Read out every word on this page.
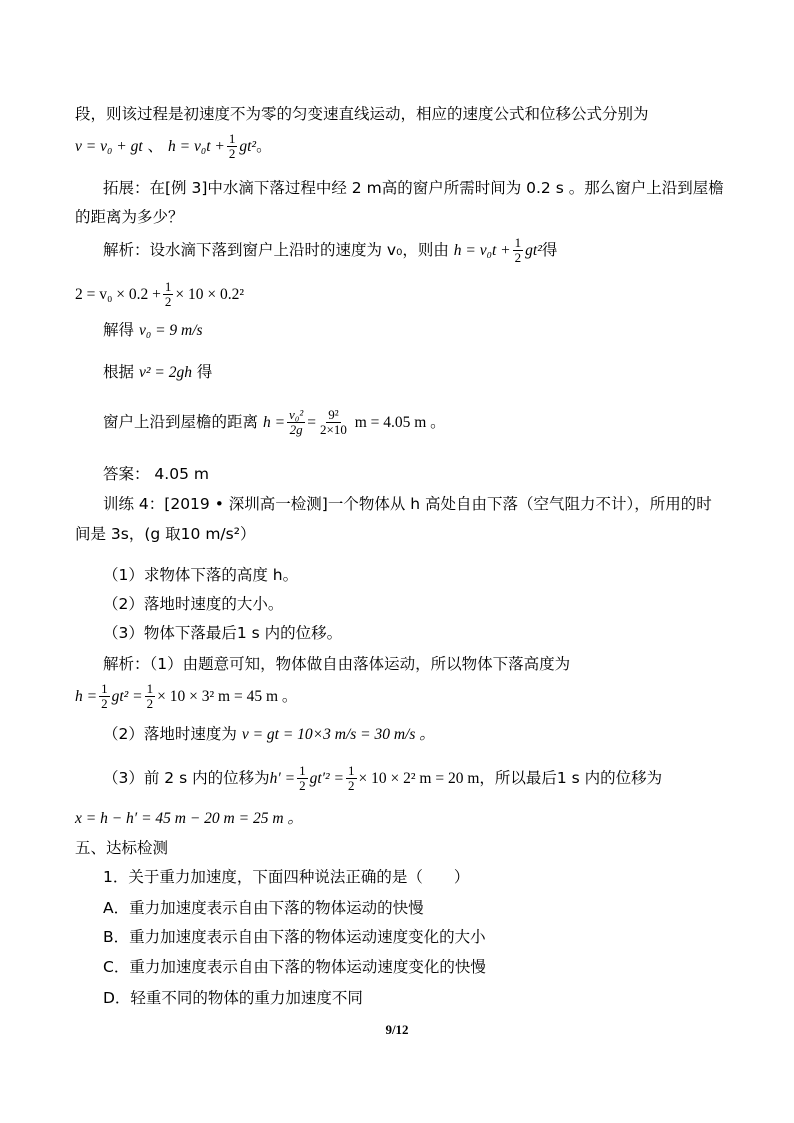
段，则该过程是初速度不为零的匀变速直线运动，相应的速度公式和位移公式分别为
v = v₀ + gt 、 $h = v_0t + \frac{1}{2} gt^2$。
拓展：在[例 3]中水滴下落过程中经 2 m高的窗户所需时间为 0.2 s 。那么窗户上沿到屋檐
的距离为多少？
解析：设水滴下落到窗户上沿时的速度为 v₀，则由 $h = v_0t + \frac{1}{2} gt^2$得
$2 = v_0 \times 0.2 + \frac{1}{2} \times 10 \times 0.2^2$
解得 v₀ = 9 m/s
根据 v² = 2gh 得
窗户上沿到屋檐的距离 $h = \frac{\text{v₀²}}{2g} = \frac{\text{9²}}{2\times 10}$ m = 4.05 m 。
答案： 4.05 m
训练 4：[2019 • 深圳高一检测]一个物体从 h 高处自由下落（空气阻力不计），所用的时
间是 3s，(g 取10 m/s²）
（1）求物体下落的高度 h。
（2）落地时速度的大小。
（3）物体下落最后1 s 内的位移。
解析：（1）由题意可知，物体做自由落体运动，所以物体下落高度为
$h = \frac{1}{2} gt^2 = \frac{1}{2} \times 10 \times 3^2$ m = 45 m 。
（2）落地时速度为 v = gt = 10×3 m/s = 30 m/s 。
（3）前 2 s 内的位移为$h' = \frac{1}{2} gt'^2 = \frac{1}{2} \times 10 \times 2^2$ m = 20 m，所以最后1 s 内的位移为
x = h − h′ = 45 m − 20 m = 25 m 。
五、达标检测
1．关于重力加速度，下面四种说法正确的是（　　）
A．重力加速度表示自由下落的物体运动的快慢
B．重力加速度表示自由下落的物体运动速度变化的大小
C．重力加速度表示自由下落的物体运动速度变化的快慢
D．轻重不同的物体的重力加速度不同
9/12
